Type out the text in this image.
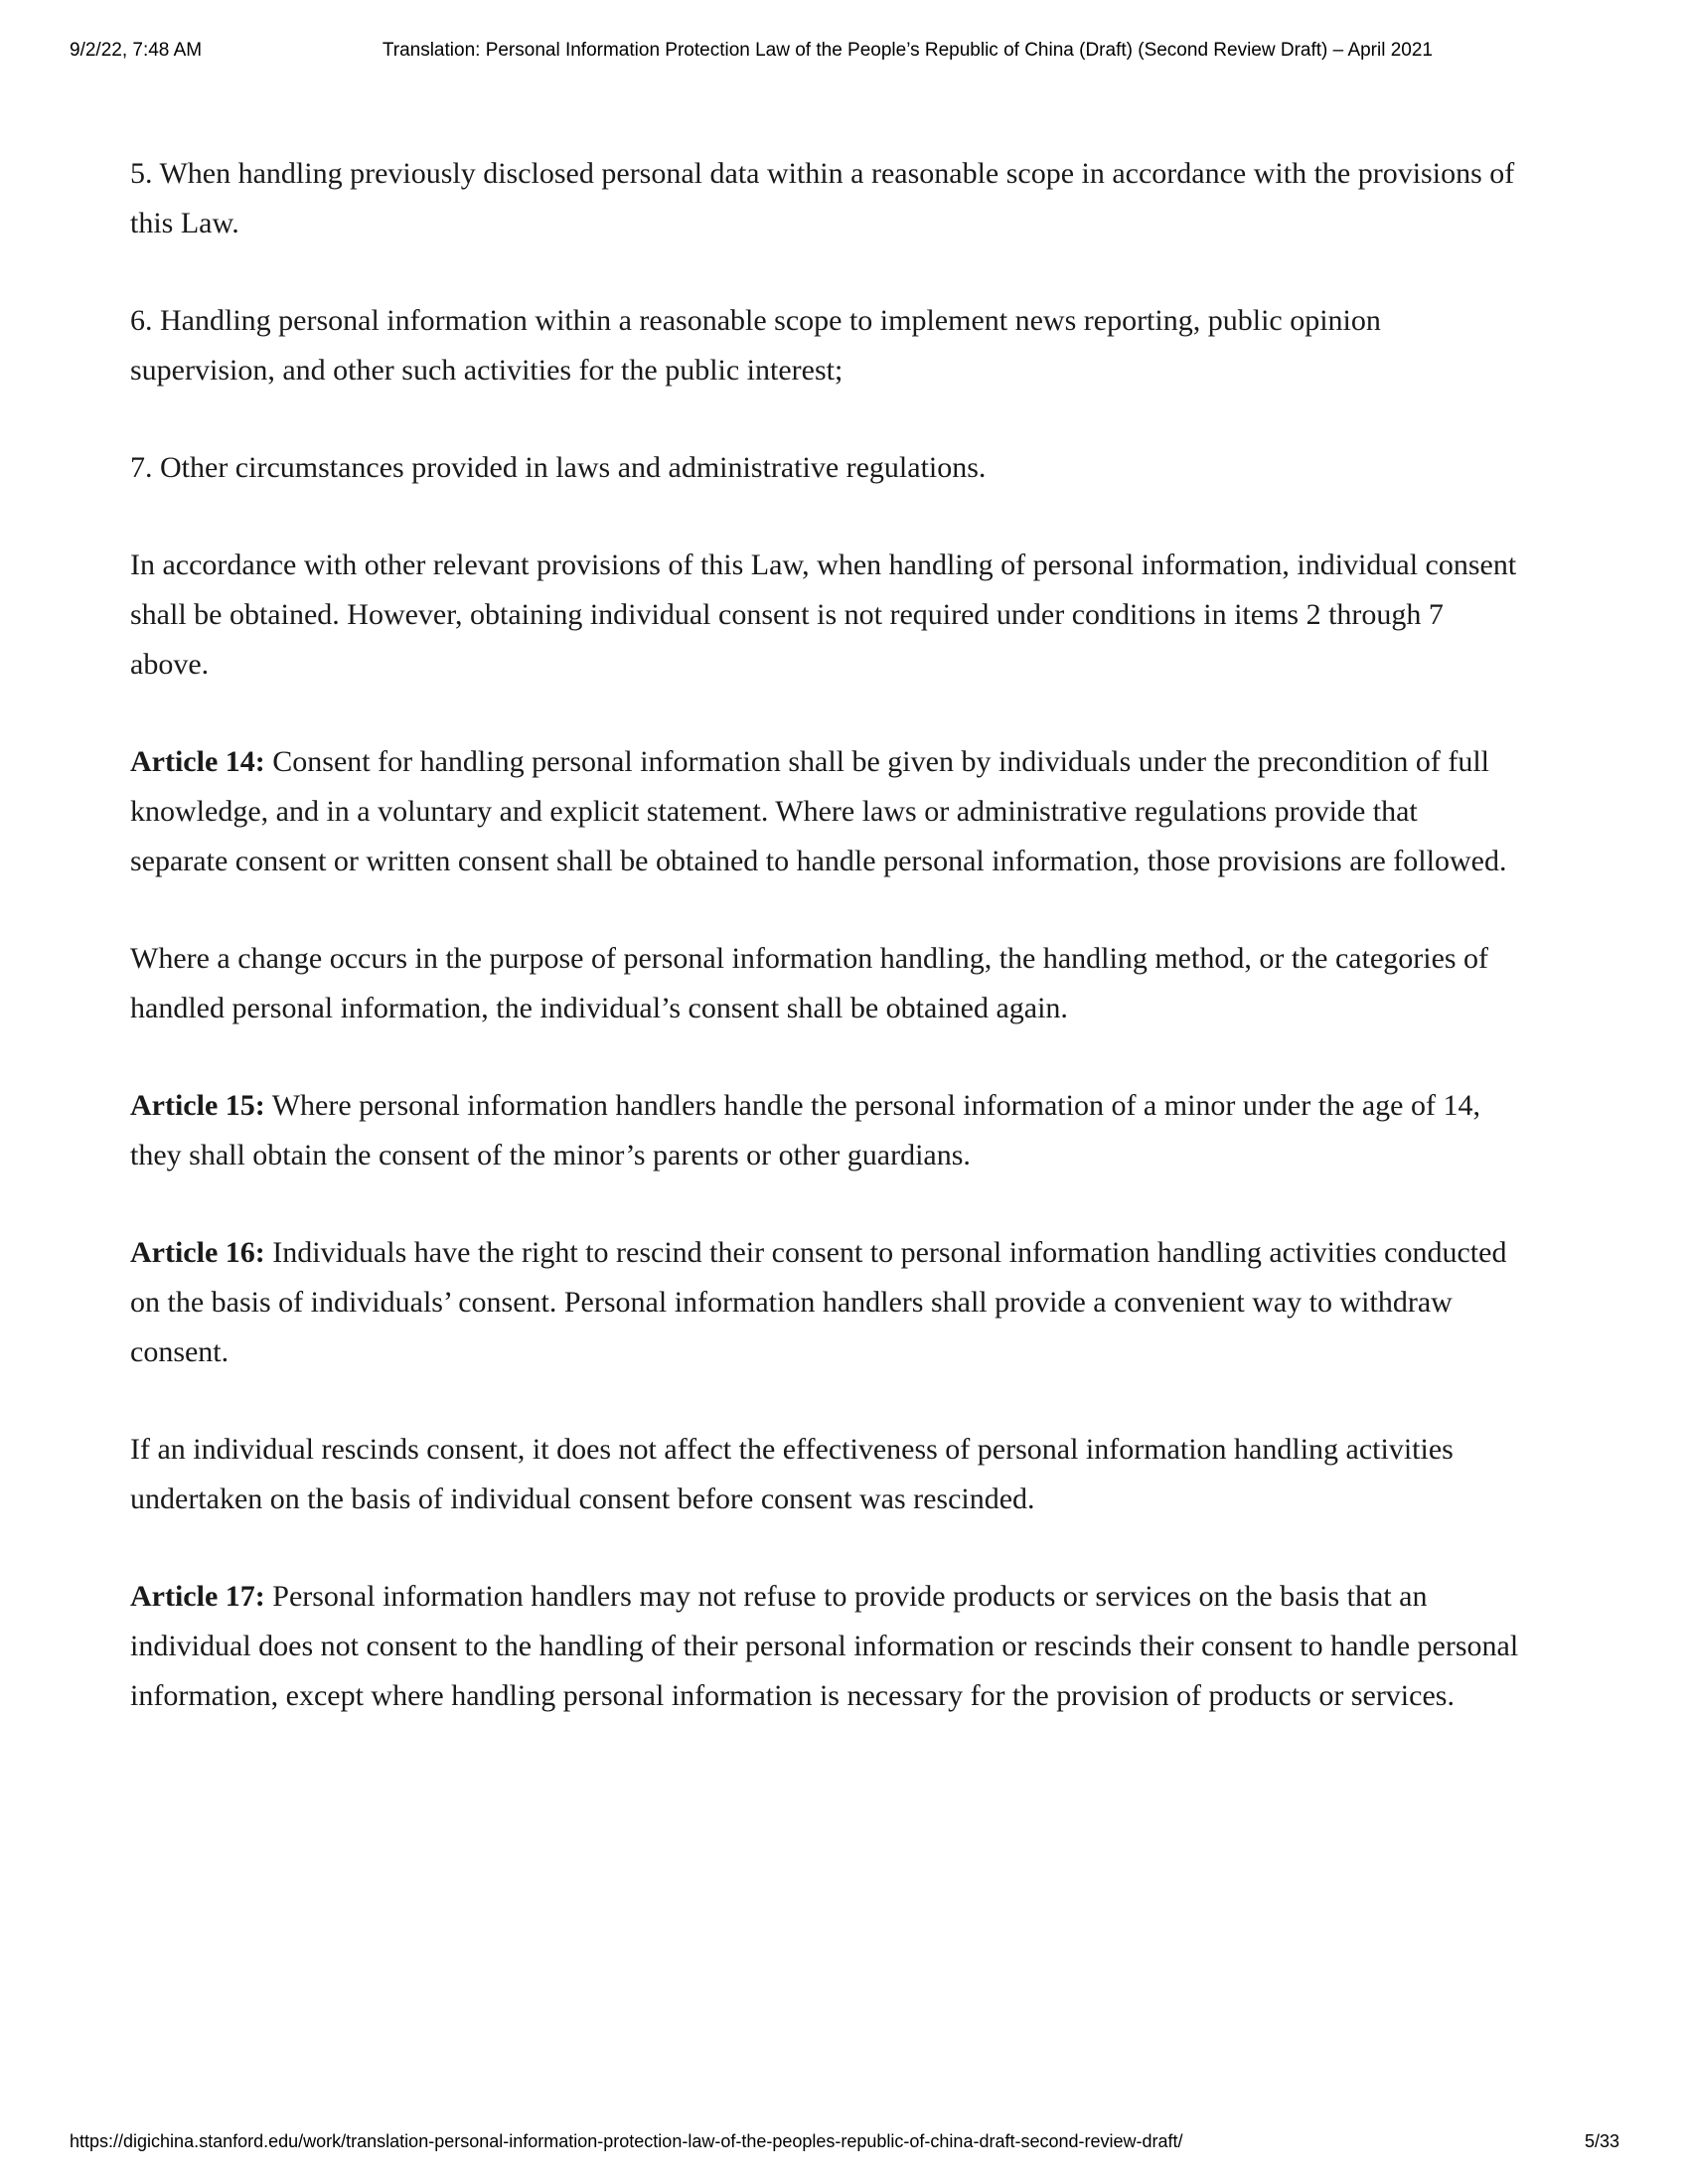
9/2/22, 7:48 AM	Translation: Personal Information Protection Law of the People’s Republic of China (Draft) (Second Review Draft) – April 2021

5. When handling previously disclosed personal data within a reasonable scope in accordance with the provisions of this Law.

6. Handling personal information within a reasonable scope to implement news reporting, public opinion supervision, and other such activities for the public interest;

7. Other circumstances provided in laws and administrative regulations.

In accordance with other relevant provisions of this Law, when handling of personal information, individual consent shall be obtained. However, obtaining individual consent is not required under conditions in items 2 through 7 above.

Article 14: Consent for handling personal information shall be given by individuals under the precondition of full knowledge, and in a voluntary and explicit statement. Where laws or administrative regulations provide that separate consent or written consent shall be obtained to handle personal information, those provisions are followed.

Where a change occurs in the purpose of personal information handling, the handling method, or the categories of handled personal information, the individual’s consent shall be obtained again.

Article 15: Where personal information handlers handle the personal information of a minor under the age of 14, they shall obtain the consent of the minor’s parents or other guardians.

Article 16: Individuals have the right to rescind their consent to personal information handling activities conducted on the basis of individuals’ consent. Personal information handlers shall provide a convenient way to withdraw consent.

If an individual rescinds consent, it does not affect the effectiveness of personal information handling activities undertaken on the basis of individual consent before consent was rescinded.

Article 17: Personal information handlers may not refuse to provide products or services on the basis that an individual does not consent to the handling of their personal information or rescinds their consent to handle personal information, except where handling personal information is necessary for the provision of products or services.

https://digichina.stanford.edu/work/translation-personal-information-protection-law-of-the-peoples-republic-of-china-draft-second-review-draft/	5/33
